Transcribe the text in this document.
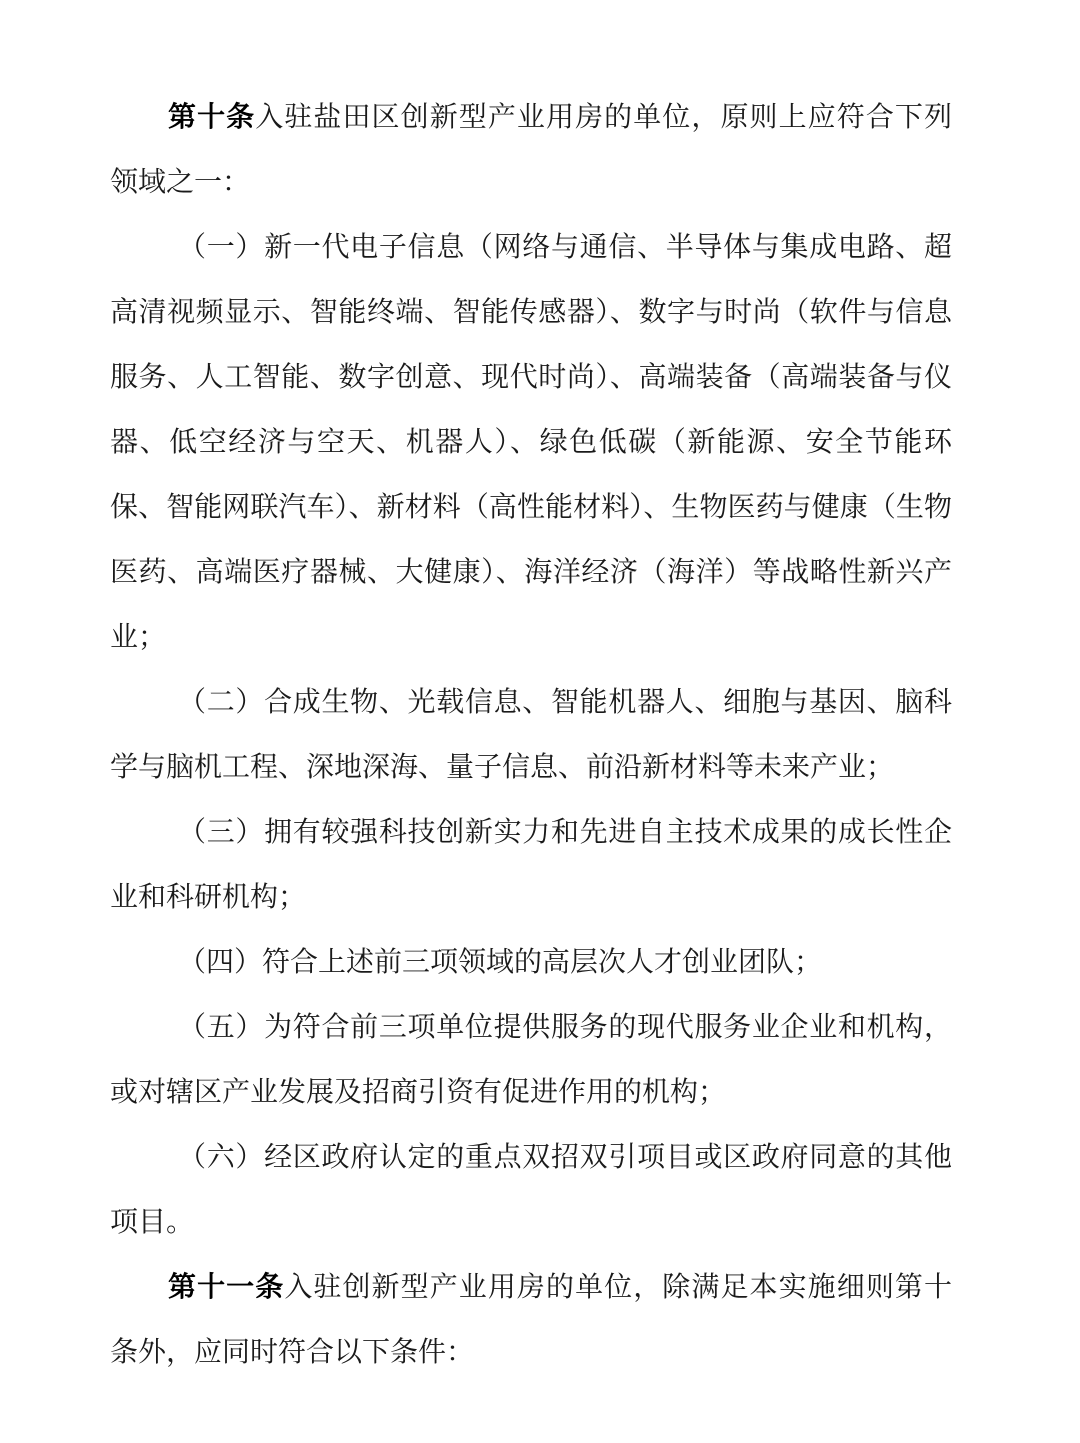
第十条入驻盐田区创新型产业用房的单位，原则上应符合下列领域之一：

（一）新一代电子信息（网络与通信、半导体与集成电路、超高清视频显示、智能终端、智能传感器）、数字与时尚（软件与信息服务、人工智能、数字创意、现代时尚）、高端装备（高端装备与仪器、低空经济与空天、机器人）、绿色低碳（新能源、安全节能环保、智能网联汽车）、新材料（高性能材料）、生物医药与健康（生物医药、高端医疗器械、大健康）、海洋经济（海洋）等战略性新兴产业；

（二）合成生物、光载信息、智能机器人、细胞与基因、脑科学与脑机工程、深地深海、量子信息、前沿新材料等未来产业；

（三）拥有较强科技创新实力和先进自主技术成果的成长性企业和科研机构；

（四）符合上述前三项领域的高层次人才创业团队；

（五）为符合前三项单位提供服务的现代服务业企业和机构，或对辖区产业发展及招商引资有促进作用的机构；

（六）经区政府认定的重点双招双引项目或区政府同意的其他项目。

第十一条入驻创新型产业用房的单位，除满足本实施细则第十条外，应同时符合以下条件：
